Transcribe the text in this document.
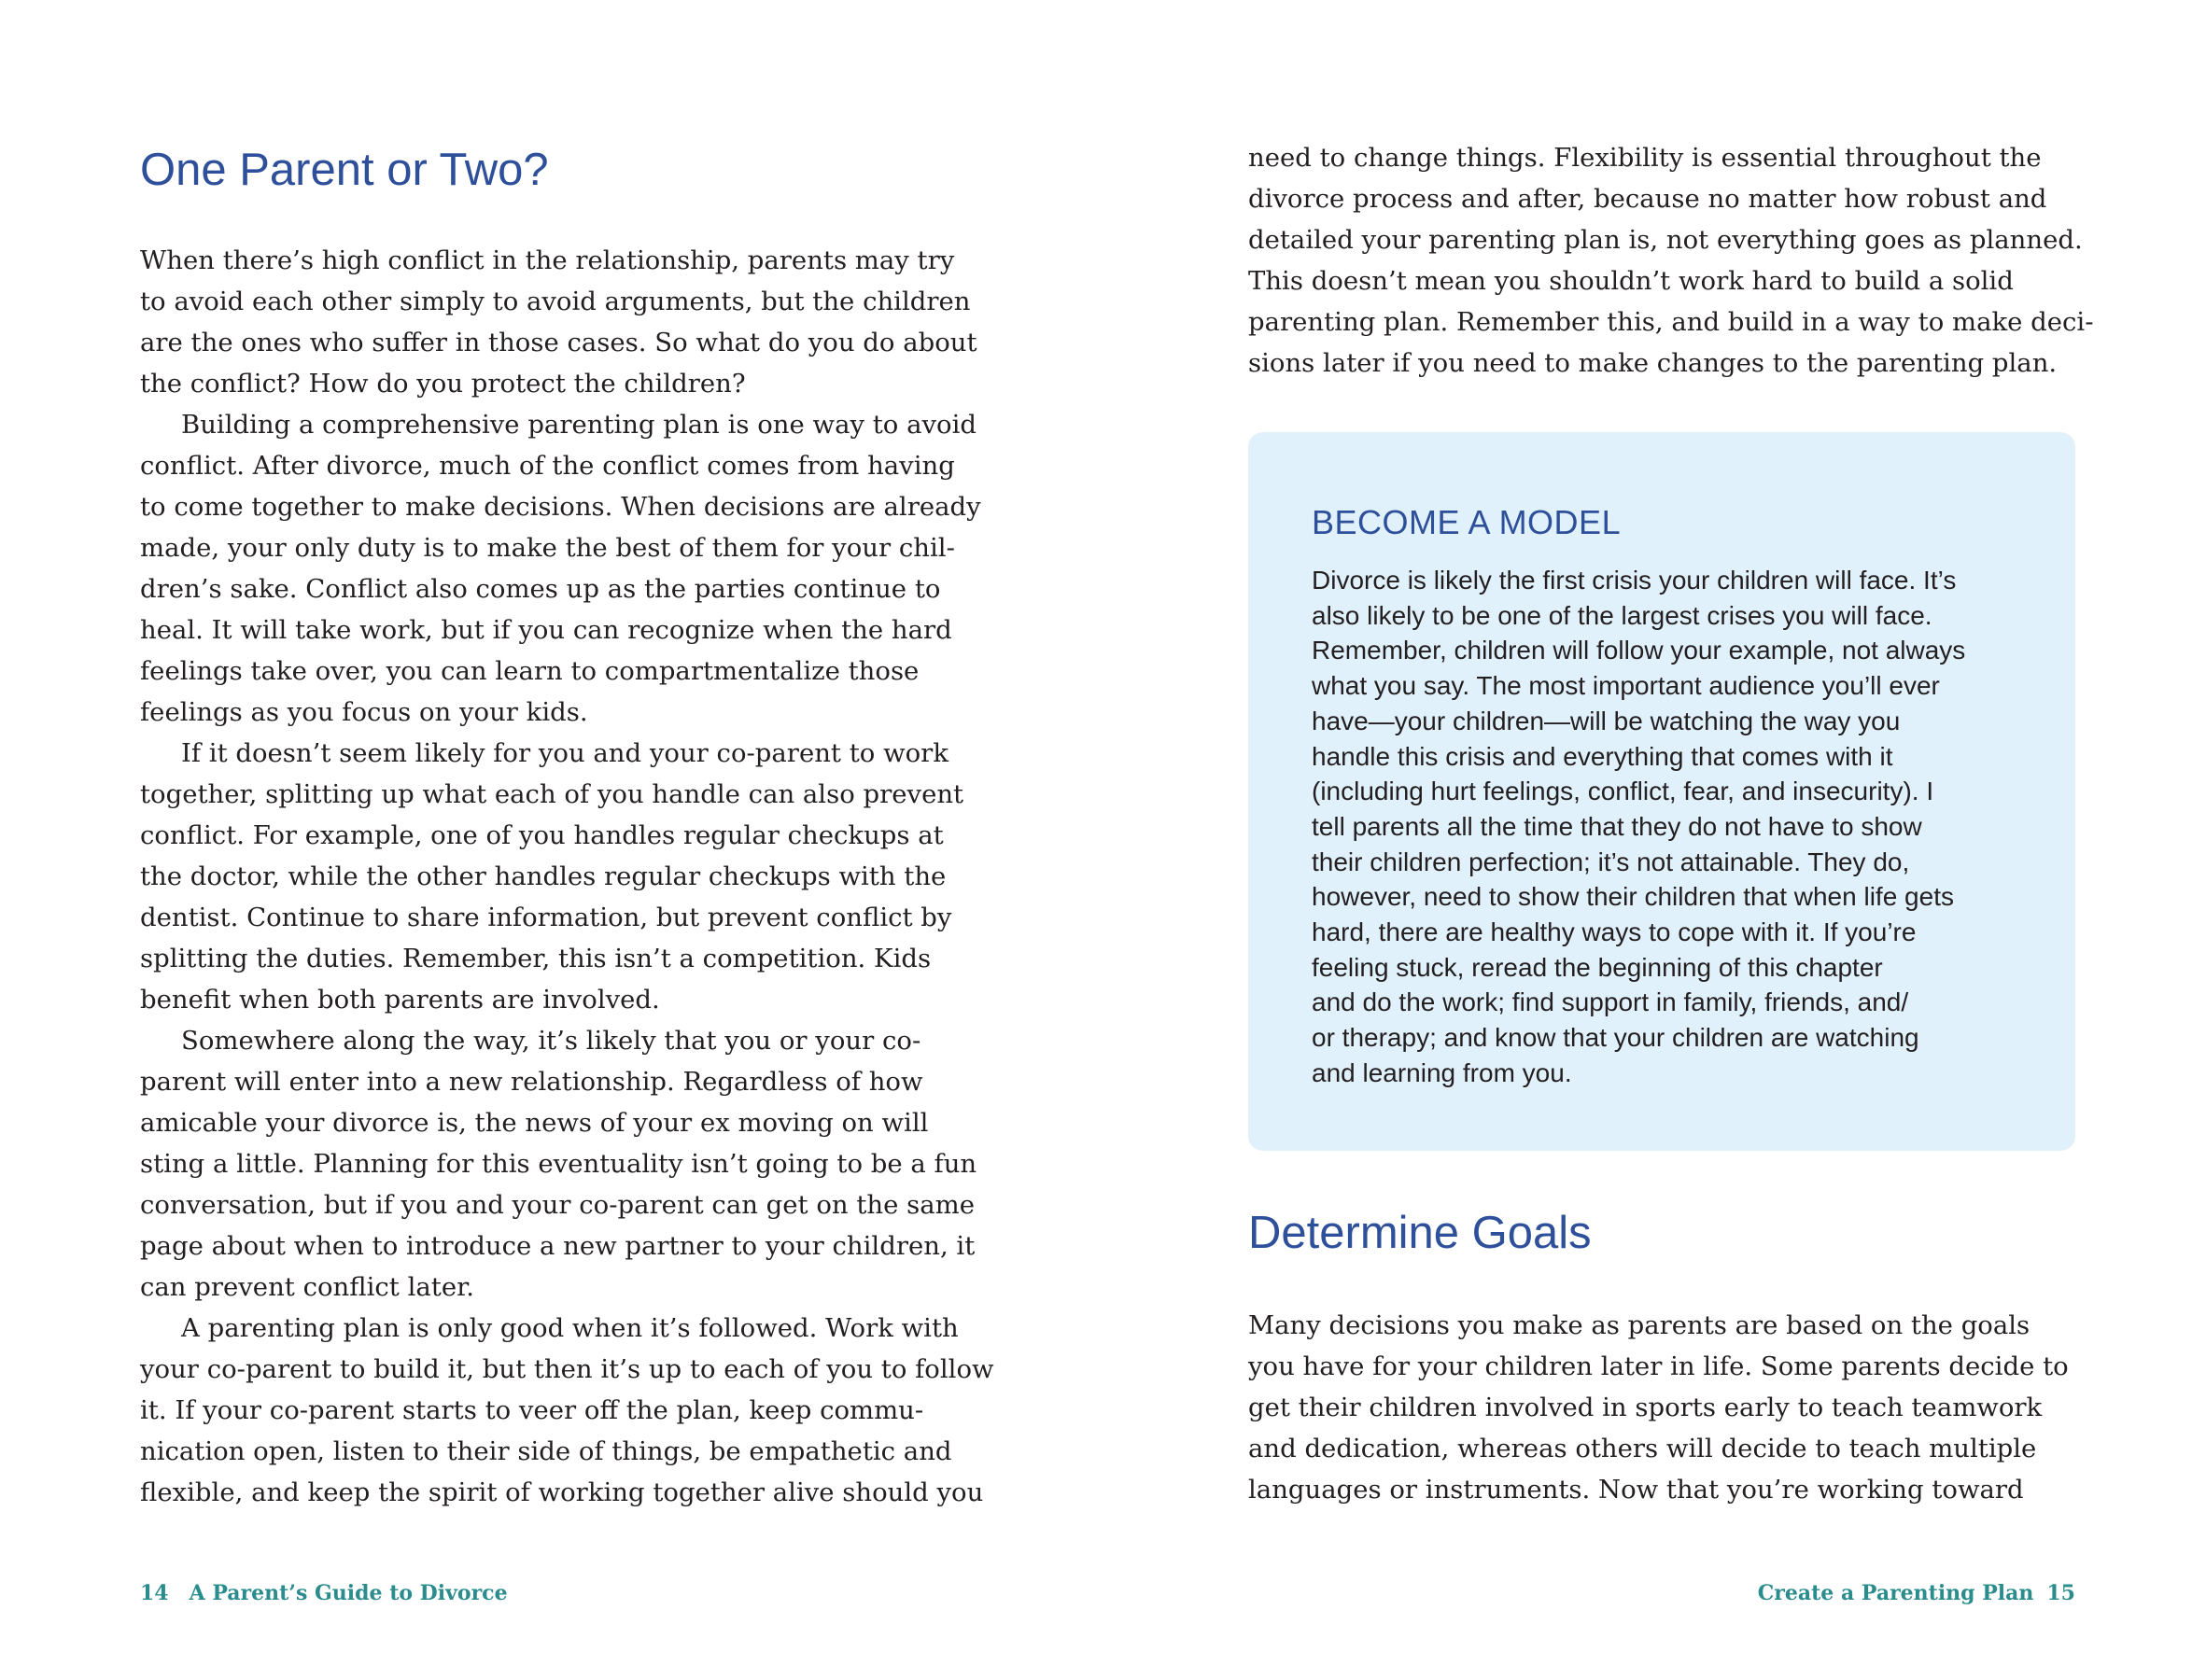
One Parent or Two?

When there’s high conflict in the relationship, parents may try
to avoid each other simply to avoid arguments, but the children
are the ones who suffer in those cases. So what do you do about
the conflict? How do you protect the children?

Building a comprehensive parenting plan is one way to avoid
conflict. After divorce, much of the conflict comes from having
to come together to make decisions. When decisions are already
made, your only duty is to make the best of them for your chil-
dren’s sake. Conflict also comes up as the parties continue to
heal. It will take work, but if you can recognize when the hard
feelings take over, you can learn to compartmentalize those
feelings as you focus on your kids.

If it doesn’t seem likely for you and your co-parent to work
together, splitting up what each of you handle can also prevent
conflict. For example, one of you handles regular checkups at
the doctor, while the other handles regular checkups with the
dentist. Continue to share information, but prevent conflict by
splitting the duties. Remember, this isn’t a competition. Kids
benefit when both parents are involved.

Somewhere along the way, it’s likely that you or your co-
parent will enter into a new relationship. Regardless of how
amicable your divorce is, the news of your ex moving on will
sting a little. Planning for this eventuality isn’t going to be a fun
conversation, but if you and your co-parent can get on the same
page about when to introduce a new partner to your children, it
can prevent conflict later.

A parenting plan is only good when it’s followed. Work with
your co-parent to build it, but then it’s up to each of you to follow
it. If your co-parent starts to veer off the plan, keep commu-
nication open, listen to their side of things, be empathetic and
flexible, and keep the spirit of working together alive should you

14 A Parent’s Guide to Divorce

need to change things. Flexibility is essential throughout the
divorce process and after, because no matter how robust and
detailed your parenting plan is, not everything goes as planned.
This doesn’t mean you shouldn’t work hard to build a solid
parenting plan. Remember this, and build in a way to make deci-
sions later if you need to make changes to the parenting plan.

BECOME A MODEL
Divorce is likely the first crisis your children will face. It’s
also likely to be one of the largest crises you will face.
Remember, children will follow your example, not always
what you say. The most important audience you’ll ever
have—your children—will be watching the way you
handle this crisis and everything that comes with it
(including hurt feelings, conflict, fear, and insecurity). I
tell parents all the time that they do not have to show
their children perfection; it’s not attainable. They do,
however, need to show their children that when life gets
hard, there are healthy ways to cope with it. If you’re
feeling stuck, reread the beginning of this chapter
and do the work; find support in family, friends, and/
or therapy; and know that your children are watching
and learning from you.
Determine Goals

Many decisions you make as parents are based on the goals
you have for your children later in life. Some parents decide to
get their children involved in sports early to teach teamwork
and dedication, whereas others will decide to teach multiple
languages or instruments. Now that you’re working toward

Create a Parenting Plan 15
